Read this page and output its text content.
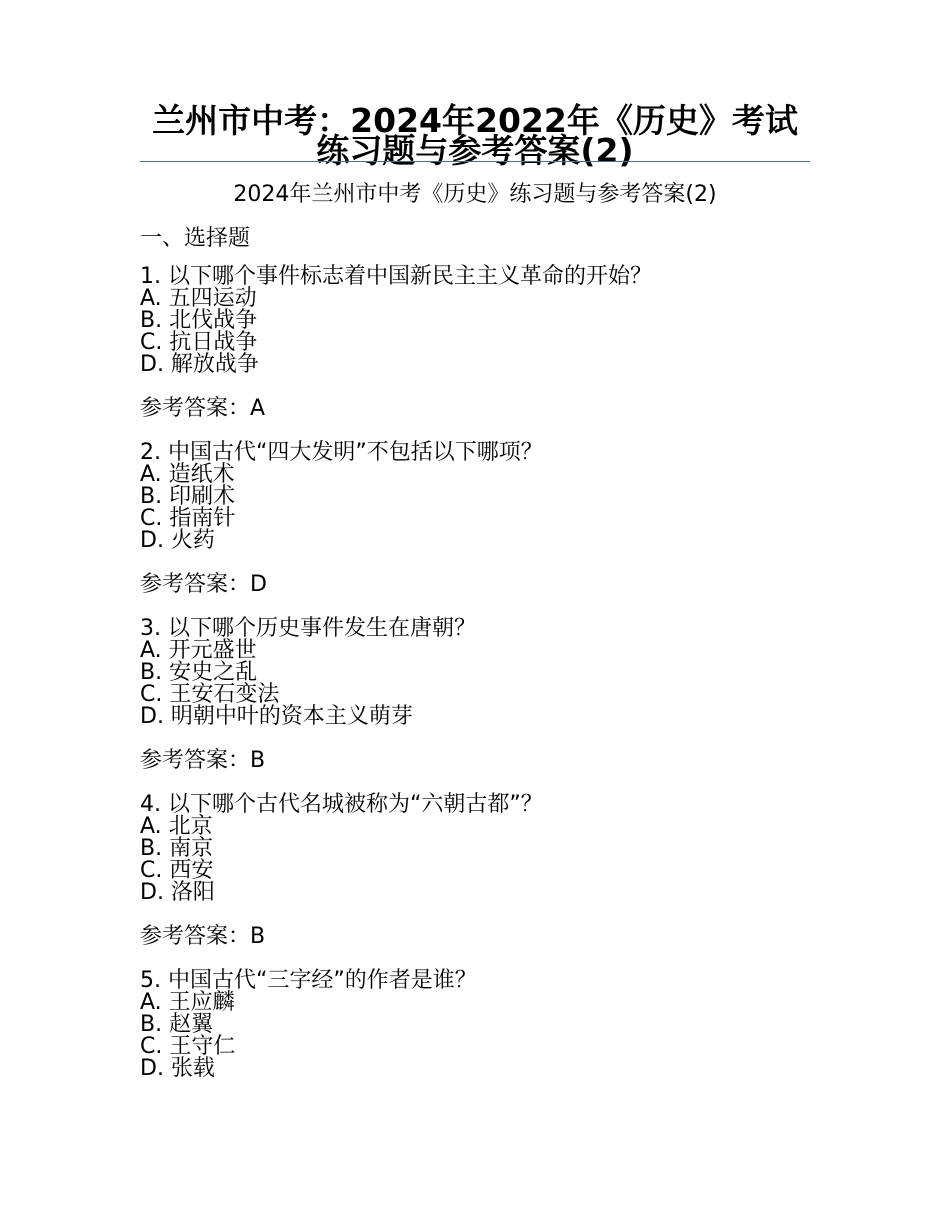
兰州市中考：2024年2022年《历史》考试练习题与参考答案(2)
2024年兰州市中考《历史》练习题与参考答案(2)
一、选择题

1. 以下哪个事件标志着中国新民主主义革命的开始？

A. 五四运动

B. 北伐战争

C. 抗日战争

D. 解放战争

参考答案：A

2. 中国古代“四大发明”不包括以下哪项？

A. 造纸术

B. 印刷术

C. 指南针

D. 火药

参考答案：D

3. 以下哪个历史事件发生在唐朝？

A. 开元盛世

B. 安史之乱

C. 王安石变法

D. 明朝中叶的资本主义萌芽

参考答案：B

4. 以下哪个古代名城被称为“六朝古都”？

A. 北京

B. 南京

C. 西安

D. 洛阳

参考答案：B

5. 中国古代“三字经”的作者是谁？

A. 王应麟

B. 赵翼

C. 王守仁

D. 张载
